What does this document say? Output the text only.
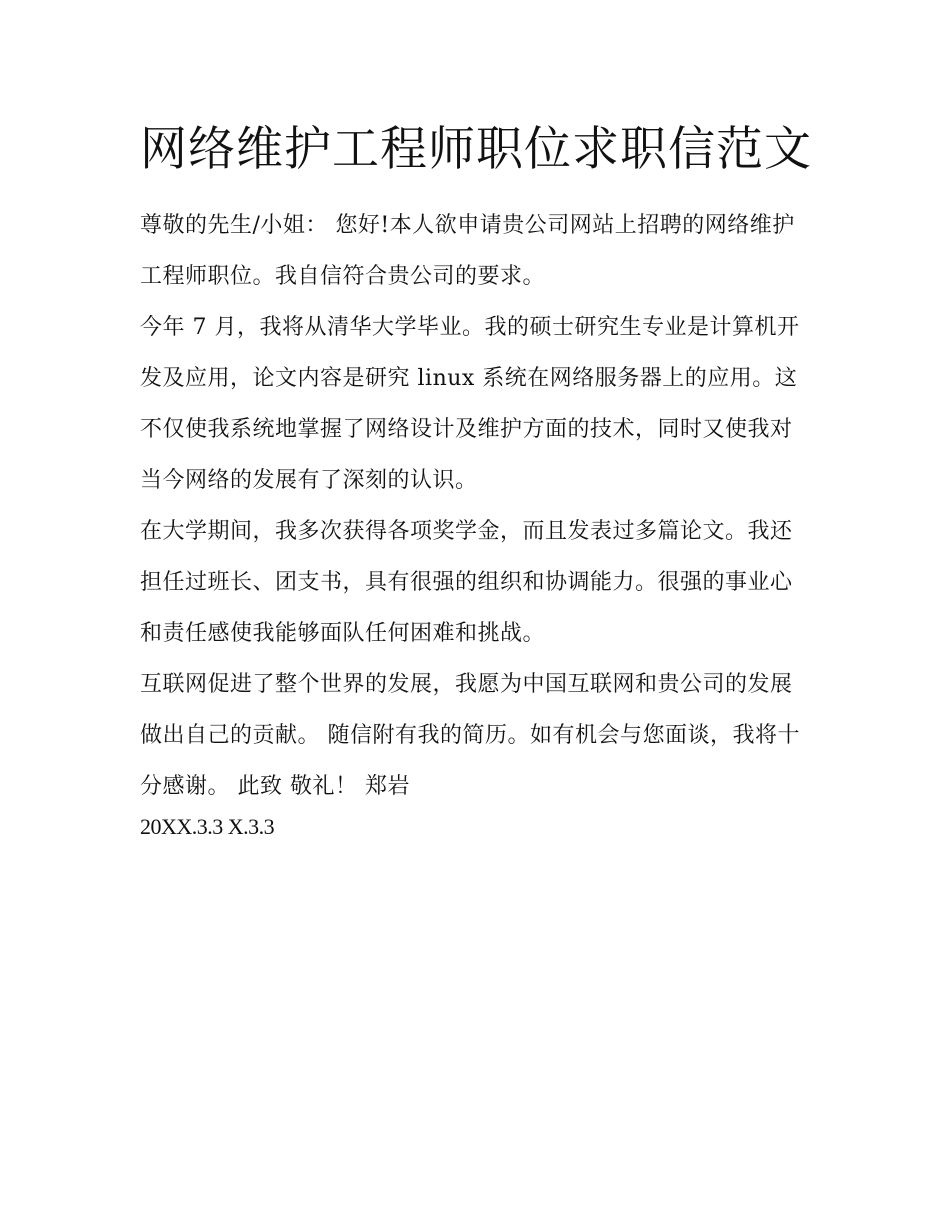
网络维护工程师职位求职信范文

尊敬的先生/小姐： 您好!本人欲申请贵公司网站上招聘的网络维护工程师职位。我自信符合贵公司的要求。

今年 7 月，我将从清华大学毕业。我的硕士研究生专业是计算机开发及应用，论文内容是研究 linux 系统在网络服务器上的应用。这不仅使我系统地掌握了网络设计及维护方面的技术，同时又使我对当今网络的发展有了深刻的认识。

在大学期间，我多次获得各项奖学金，而且发表过多篇论文。我还担任过班长、团支书，具有很强的组织和协调能力。很强的事业心和责任感使我能够面队任何困难和挑战。

互联网促进了整个世界的发展，我愿为中国互联网和贵公司的发展做出自己的贡献。 随信附有我的简历。如有机会与您面谈，我将十分感谢。 此致 敬礼！ 郑岩

20XX.3.3 X.3.3
